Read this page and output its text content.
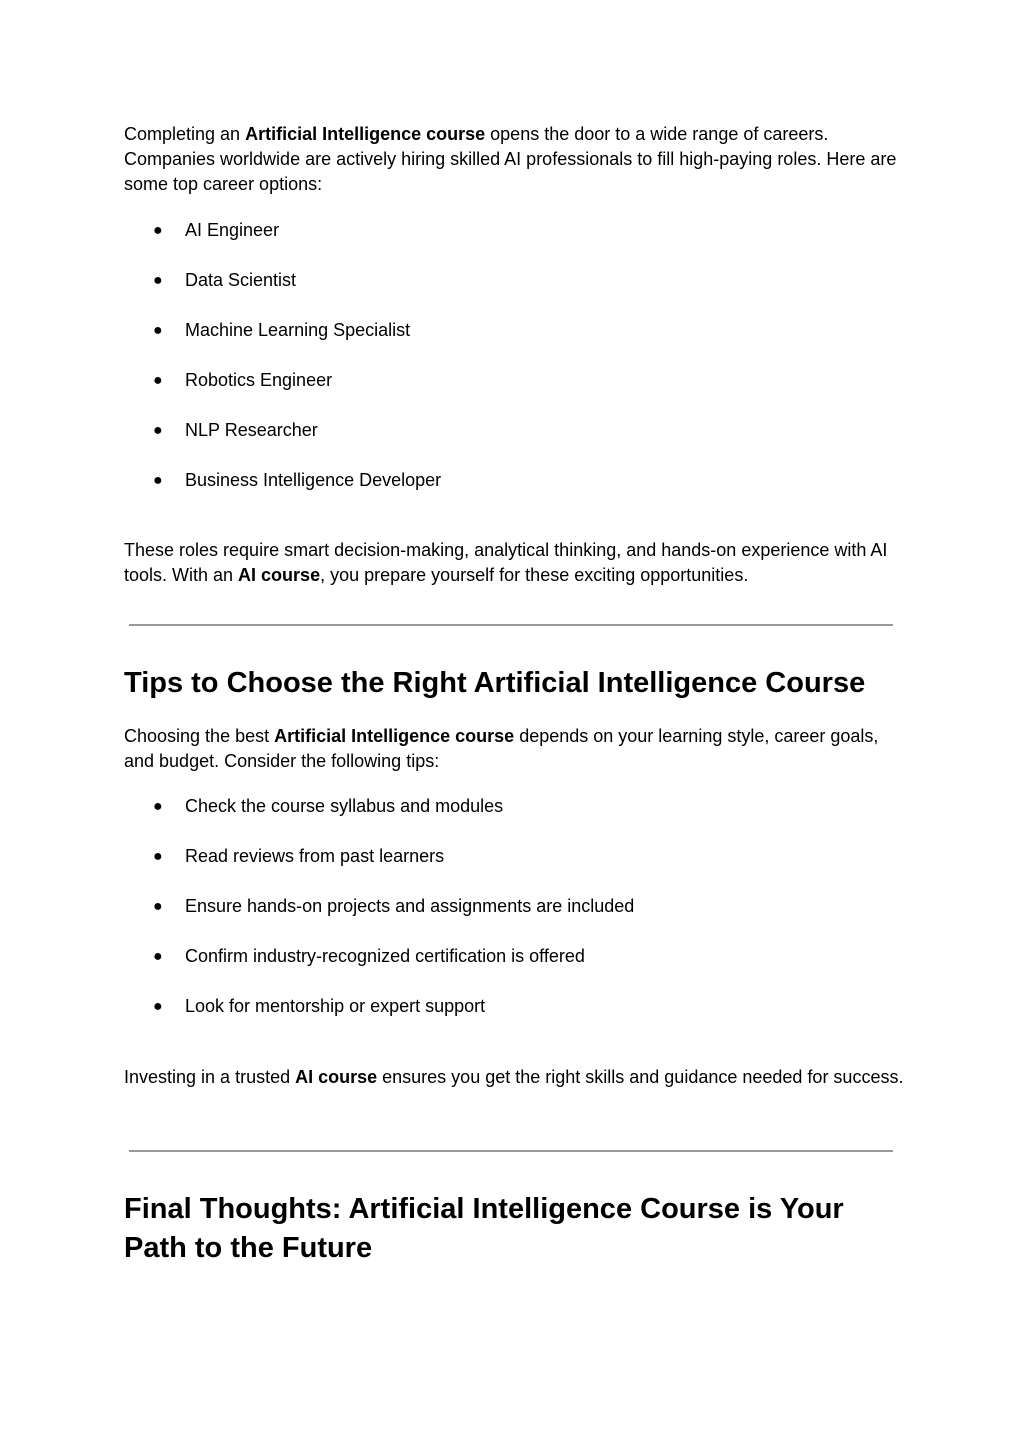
Completing an Artificial Intelligence course opens the door to a wide range of careers. Companies worldwide are actively hiring skilled AI professionals to fill high-paying roles. Here are some top career options:

● AI Engineer
● Data Scientist
● Machine Learning Specialist
● Robotics Engineer
● NLP Researcher
● Business Intelligence Developer

These roles require smart decision-making, analytical thinking, and hands-on experience with AI tools. With an AI course, you prepare yourself for these exciting opportunities.

Tips to Choose the Right Artificial Intelligence Course

Choosing the best Artificial Intelligence course depends on your learning style, career goals, and budget. Consider the following tips:

● Check the course syllabus and modules
● Read reviews from past learners
● Ensure hands-on projects and assignments are included
● Confirm industry-recognized certification is offered
● Look for mentorship or expert support

Investing in a trusted AI course ensures you get the right skills and guidance needed for success.

Final Thoughts: Artificial Intelligence Course is Your Path to the Future
